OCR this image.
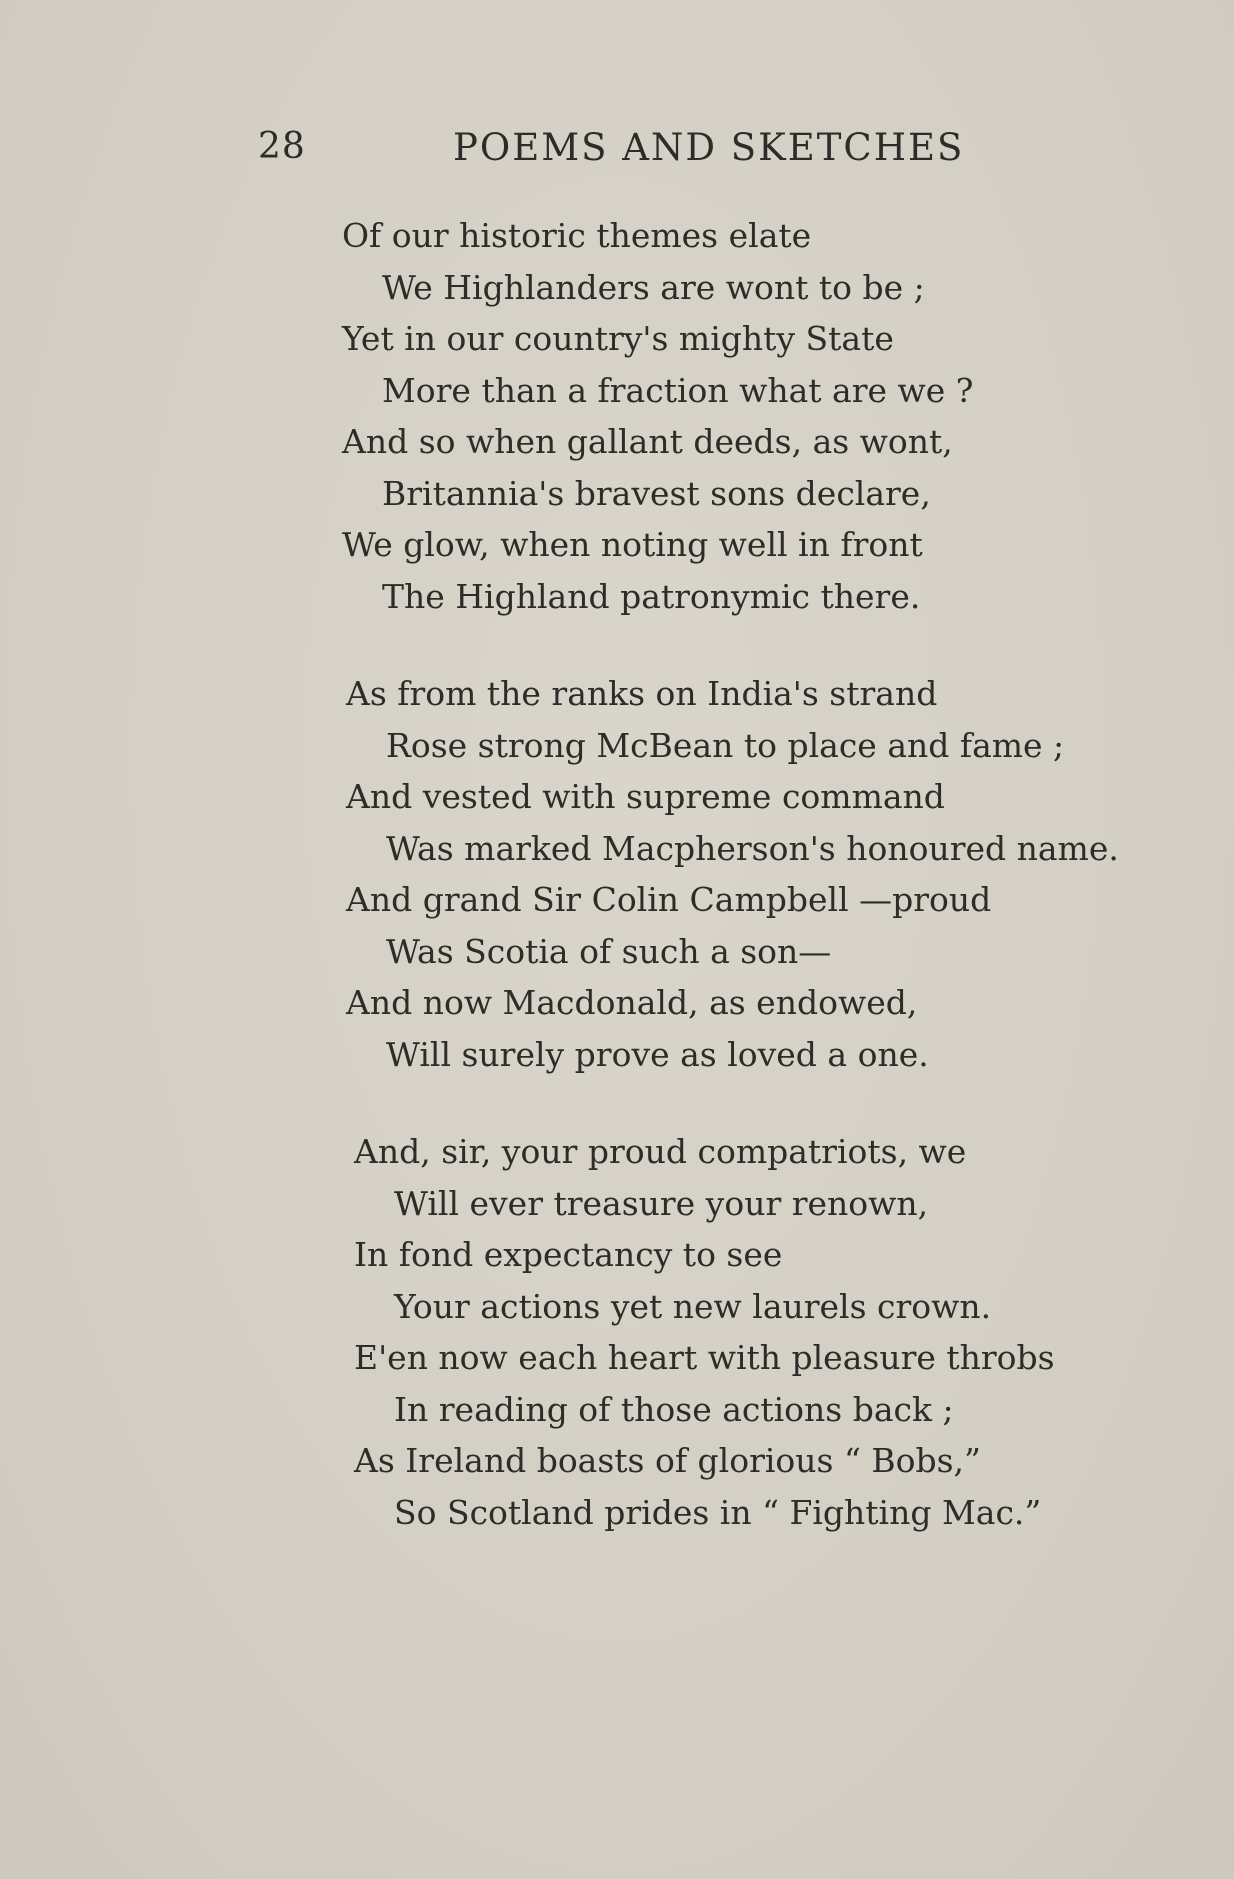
28	POEMS AND SKETCHES
Of our historic themes elate
We Highlanders are wont to be ;
Yet in our country's mighty State
More than a fraction what are we ?
And so when gallant deeds, as wont,
Britannia's bravest sons declare,
We glow, when noting well in front
The Highland patronymic there.
As from the ranks on India's strand
Rose strong McBean to place and fame ;
And vested with supreme command
Was marked Macpherson's honoured name.
And grand Sir Colin Campbell —proud
Was Scotia of such a son—
And now Macdonald, as endowed,
Will surely prove as loved a one.
And, sir, your proud compatriots, we
Will ever treasure your renown,
In fond expectancy to see
Your actions yet new laurels crown.
E'en now each heart with pleasure throbs
In reading of those actions back ;
As Ireland boasts of glorious “ Bobs,”
So Scotland prides in “ Fighting Mac.”
